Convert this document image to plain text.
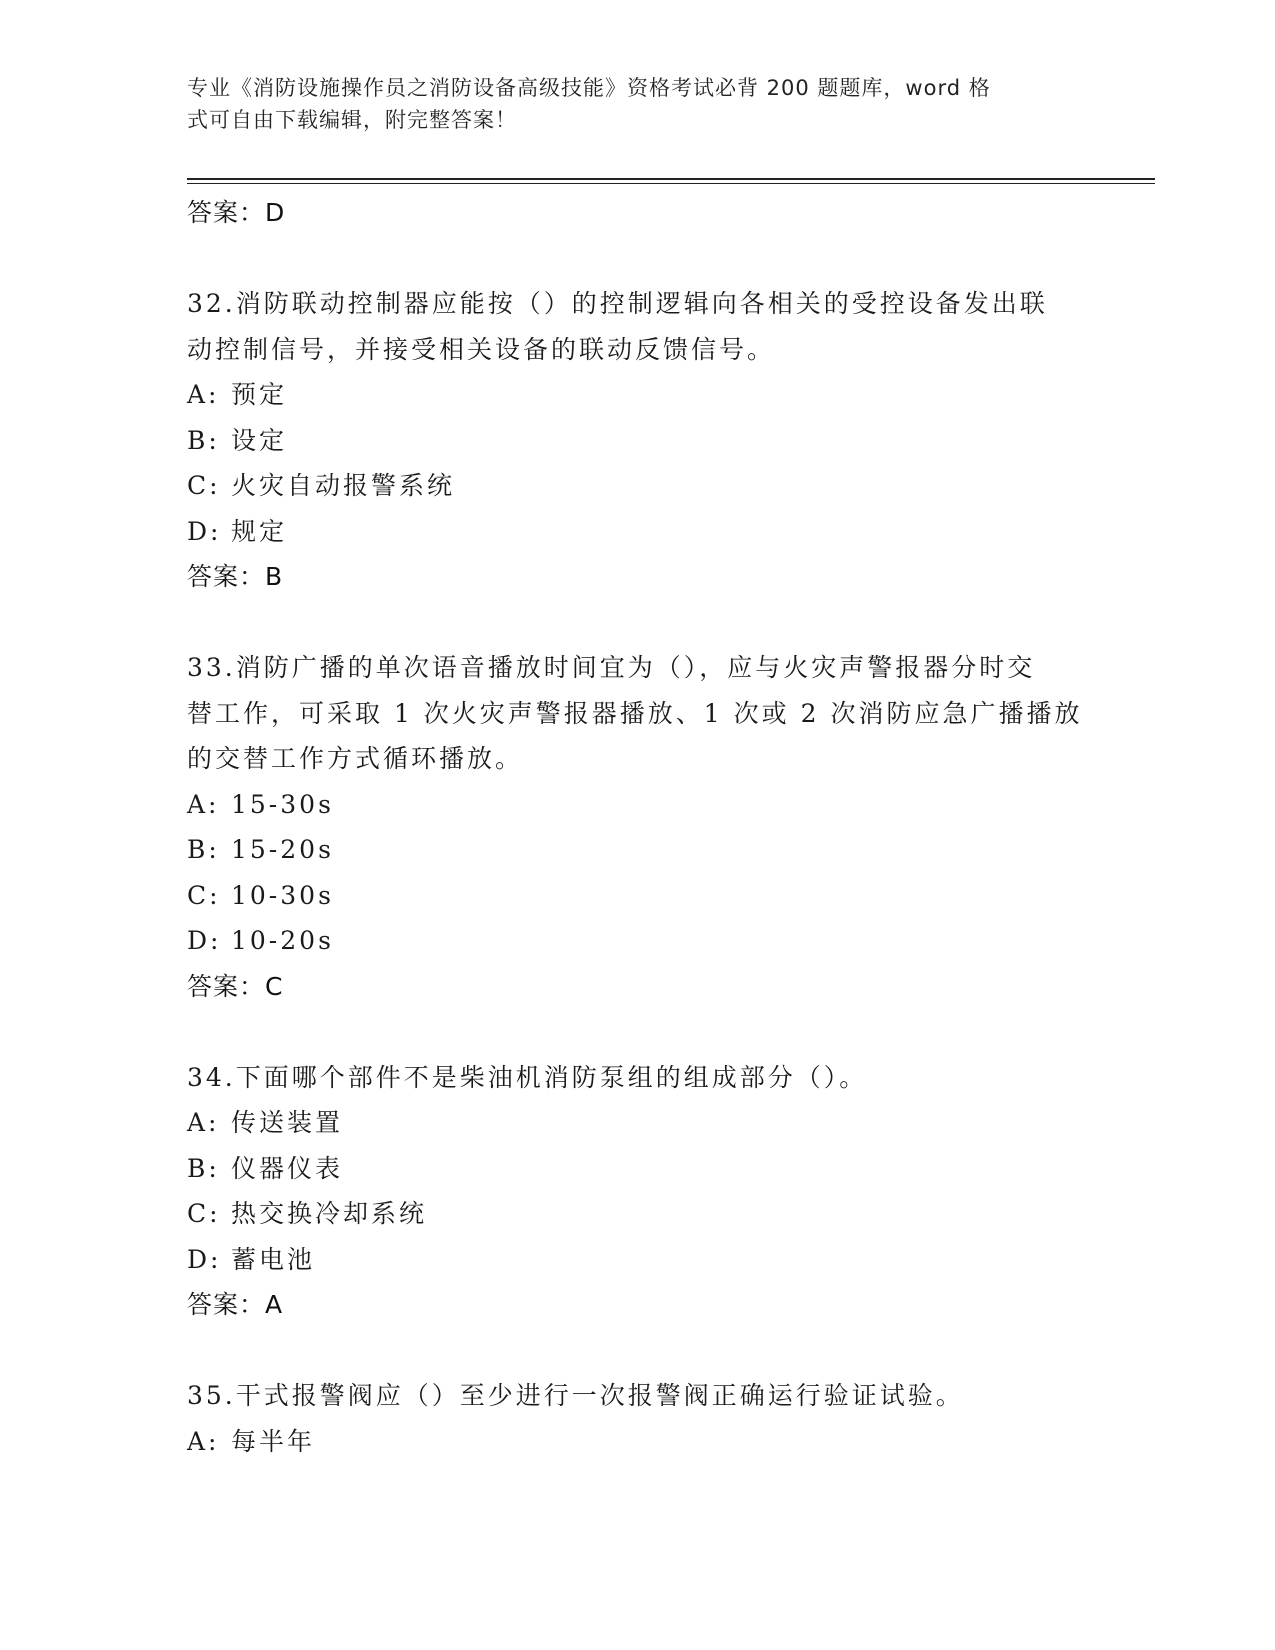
专业《消防设施操作员之消防设备高级技能》资格考试必背 200 题题库，word 格
式可自由下载编辑，附完整答案！
答案：D
32.消防联动控制器应能按（）的控制逻辑向各相关的受控设备发出联
动控制信号，并接受相关设备的联动反馈信号。
A: 预定
B: 设定
C: 火灾自动报警系统
D: 规定
答案：B
33.消防广播的单次语音播放时间宜为（），应与火灾声警报器分时交
替工作，可采取 1 次火灾声警报器播放、1 次或 2 次消防应急广播播放
的交替工作方式循环播放。
A: 15-30s
B: 15-20s
C: 10-30s
D: 10-20s
答案：C
34.下面哪个部件不是柴油机消防泵组的组成部分（）。
A: 传送装置
B: 仪器仪表
C: 热交换冷却系统
D: 蓄电池
答案：A
35.干式报警阀应（）至少进行一次报警阀正确运行验证试验。
A: 每半年
